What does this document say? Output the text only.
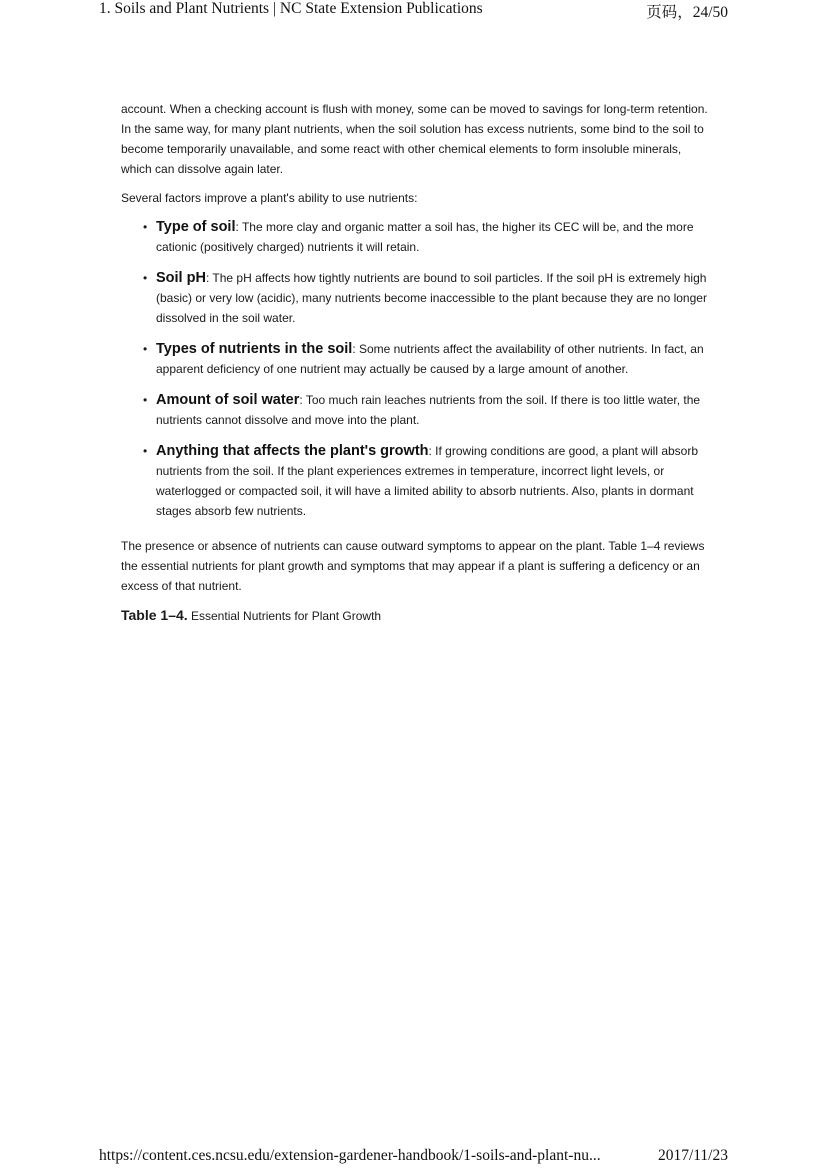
1. Soils and Plant Nutrients | NC State Extension Publications	页码，24/50

account. When a checking account is flush with money, some can be moved to savings for long-term retention. In the same way, for many plant nutrients, when the soil solution has excess nutrients, some bind to the soil to become temporarily unavailable, and some react with other chemical elements to form insoluble minerals, which can dissolve again later.

Several factors improve a plant's ability to use nutrients:

• Type of soil: The more clay and organic matter a soil has, the higher its CEC will be, and the more cationic (positively charged) nutrients it will retain.
• Soil pH: The pH affects how tightly nutrients are bound to soil particles. If the soil pH is extremely high (basic) or very low (acidic), many nutrients become inaccessible to the plant because they are no longer dissolved in the soil water.
• Types of nutrients in the soil: Some nutrients affect the availability of other nutrients. In fact, an apparent deficiency of one nutrient may actually be caused by a large amount of another.
• Amount of soil water: Too much rain leaches nutrients from the soil. If there is too little water, the nutrients cannot dissolve and move into the plant.
• Anything that affects the plant's growth: If growing conditions are good, a plant will absorb nutrients from the soil. If the plant experiences extremes in temperature, incorrect light levels, or waterlogged or compacted soil, it will have a limited ability to absorb nutrients. Also, plants in dormant stages absorb few nutrients.

The presence or absence of nutrients can cause outward symptoms to appear on the plant. Table 1–4 reviews the essential nutrients for plant growth and symptoms that may appear if a plant is suffering a deficency or an excess of that nutrient.

Table 1–4. Essential Nutrients for Plant Growth

https://content.ces.ncsu.edu/extension-gardener-handbook/1-soils-and-plant-nu...	2017/11/23
